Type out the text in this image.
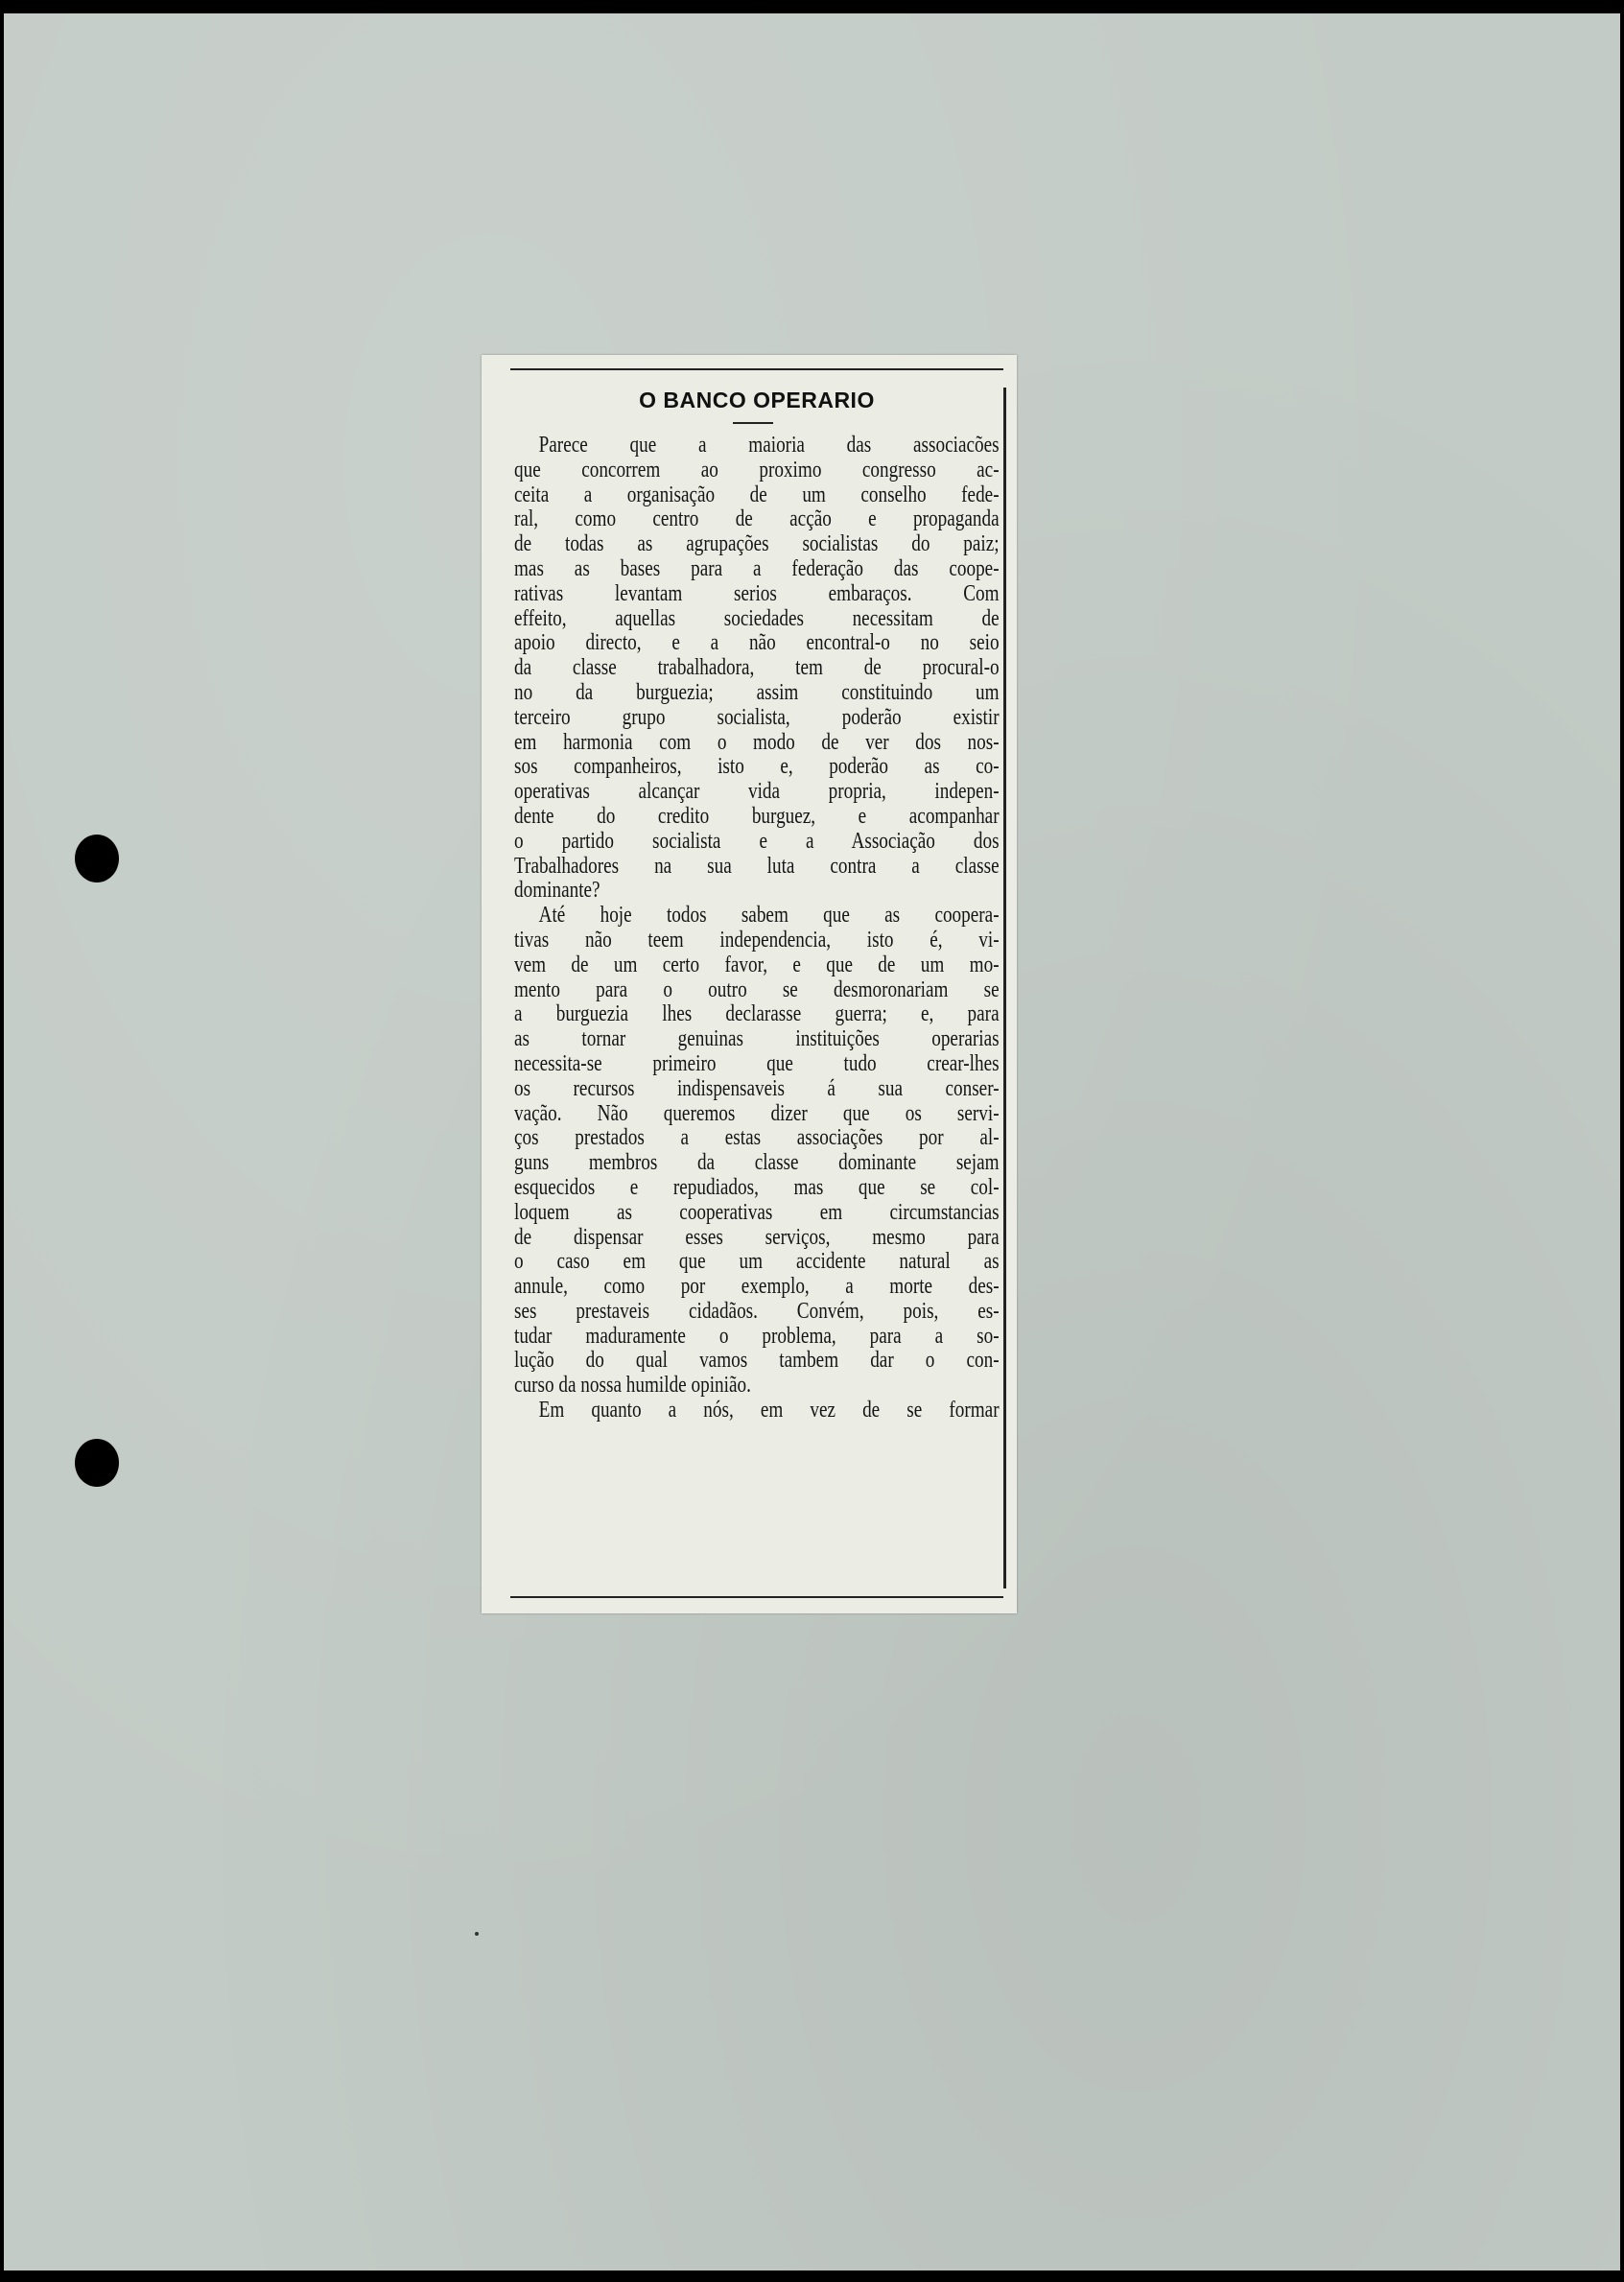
O BANCO OPERARIO
Parece que a maioria das associacões
que concorrem ao proximo congresso ac-
ceita a organisação de um conselho fede-
ral, como centro de acção e propaganda
de todas as agrupações socialistas do paiz;
mas as bases para a federação das coope-
rativas levantam serios embaraços. Com
effeito, aquellas sociedades necessitam de
apoio directo, e a não encontral-o no seio
da classe trabalhadora, tem de procural-o
no da burguezia; assim constituindo um
terceiro grupo socialista, poderão existir
em harmonia com o modo de ver dos nos-
sos companheiros, isto e, poderão as co-
operativas alcançar vida propria, indepen-
dente do credito burguez, e acompanhar
o partido socialista e a Associação dos
Trabalhadores na sua luta contra a classe
dominante?
Até hoje todos sabem que as coopera-
tivas não teem independencia, isto é, vi-
vem de um certo favor, e que de um mo-
mento para o outro se desmoronariam se
a burguezia lhes declarasse guerra; e, para
as tornar genuinas instituições operarias
necessita-se primeiro que tudo crear-lhes
os recursos indispensaveis á sua conser-
vação. Não queremos dizer que os servi-
ços prestados a estas associações por al-
guns membros da classe dominante sejam
esquecidos e repudiados, mas que se col-
loquem as cooperativas em circumstancias
de dispensar esses serviços, mesmo para
o caso em que um accidente natural as
annule, como por exemplo, a morte des-
ses prestaveis cidadãos. Convém, pois, es-
tudar maduramente o problema, para a so-
lução do qual vamos tambem dar o con-
curso da nossa humilde opinião.
Em quanto a nós, em vez de se formar
